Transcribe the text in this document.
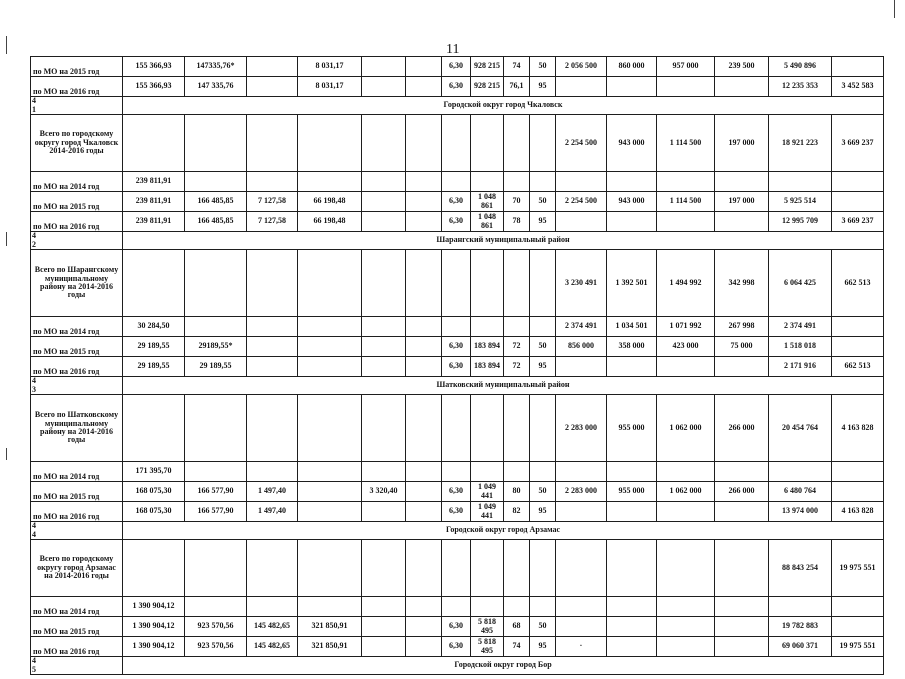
11
по МО на 2015 год	155 366,93	147335,76*		8 031,17			6,30	928 215	74	50	2 056 500	860 000	957 000	239 500	5 490 896	
по МО на 2016 год	155 366,93	147 335,76		8 031,17			6,30	928 215	76,1	95					12 235 353	3 452 583

4
1	Городской округ город Чкаловск															
Всего по городскому округу город Чкаловск 2014-2016 годы											2 254 500	943 000	1 114 500	197 000	18 921 223	3 669 237
по МО на 2014 год	239 811,91															
по МО на 2015 год	239 811,91	166 485,85	7 127,58	66 198,48			6,30	1 048 861	70	50	2 254 500	943 000	1 114 500	197 000	5 925 514	
по МО на 2016 год	239 811,91	166 485,85	7 127,58	66 198,48			6,30	1 048 861	78	95					12 995 709	3 669 237

4
2	Шарангский муниципальный район															
Всего по Шарангскому муниципальному району на 2014-2016 годы											3 230 491	1 392 501	1 494 992	342 998	6 064 425	662 513
по МО на 2014 год	30 284,50										2 374 491	1 034 501	1 071 992	267 998	2 374 491	
по МО на 2015 год	29 189,55	29189,55*					6,30	183 894	72	50	856 000	358 000	423 000	75 000	1 518 018	
по МО на 2016 год	29 189,55	29 189,55					6,30	183 894	72	95					2 171 916	662 513

4
3	Шатковский муниципальный район															
Всего по Шатковскому муниципальному району на 2014-2016 годы											2 283 000	955 000	1 062 000	266 000	20 454 764	4 163 828
по МО на 2014 год	171 395,70															
по МО на 2015 год	168 075,30	166 577,90	1 497,40		3 320,40		6,30	1 049 441	80	50	2 283 000	955 000	1 062 000	266 000	6 480 764	
по МО на 2016 год	168 075,30	166 577,90	1 497,40				6,30	1 049 441	82	95					13 974 000	4 163 828

4
4	Городской округ город Арзамас															
Всего по городскому округу город Арзамас на 2014-2016 годы															88 843 254	19 975 551
по МО на 2014 год	1 390 904,12															
по МО на 2015 год	1 390 904,12	923 570,56	145 482,65	321 850,91			6,30	5 818 495	68	50					19 782 883	
по МО на 2016 год	1 390 904,12	923 570,56	145 482,65	321 850,91			6,30	5 818 495	74	95	·				69 060 371	19 975 551

4
5	Городской округ город Бор															
